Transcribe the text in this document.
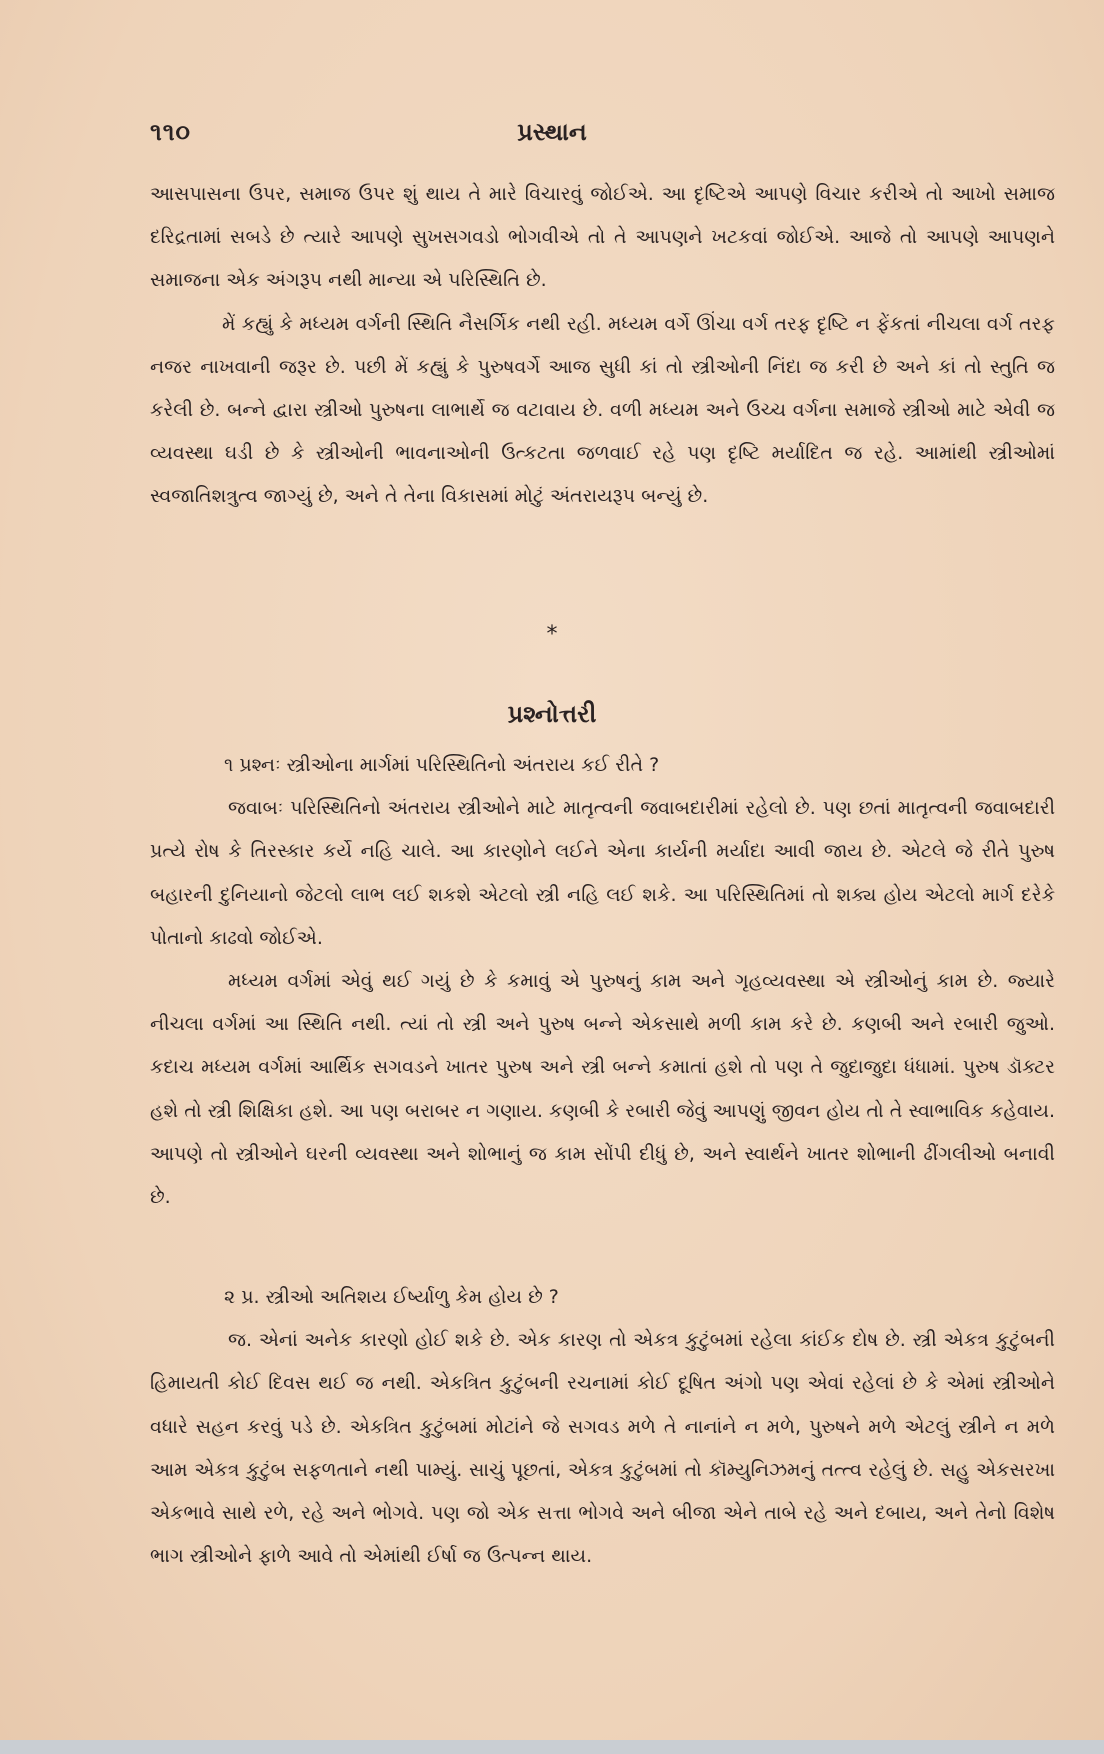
૧૧૦	પ્રસ્થાન

આસપાસના ઉપર, સમાજ ઉપર શું થાય તે મારે વિચારવું જોઈએ. આ દૃષ્ટિએ આપણે વિચાર કરીએ તો આખો સમાજ દરિદ્રતામાં સબડે છે ત્યારે આપણે સુખસગવડો ભોગવીએ તો તે આપણને ખટકવાં જોઈએ. આજે તો આપણે આપણને સમાજના એક અંગરૂપ નથી માન્યા એ પરિસ્થિતિ છે.

મેં કહ્યું કે મધ્યમ વર્ગની સ્થિતિ નૈસર્ગિક નથી રહી. મધ્યમ વર્ગે ઊંચા વર્ગ તરફ દૃષ્ટિ ન ફેંકતાં નીચલા વર્ગ તરફ નજર નાખવાની જરૂર છે. પછી મેં કહ્યું કે પુરુષવર્ગે આજ સુધી કાં તો સ્ત્રીઓની નિંદા જ કરી છે અને કાં તો સ્તુતિ જ કરેલી છે. બન્ને દ્વારા સ્ત્રીઓ પુરુષના લાભાર્થે જ વટાવાય છે. વળી મધ્યમ અને ઉચ્ચ વર્ગના સમાજે સ્ત્રીઓ માટે એવી જ વ્યવસ્થા ઘડી છે કે સ્ત્રીઓની ભાવનાઓની ઉત્કટતા જળવાઈ રહે પણ દૃષ્ટિ મર્યાદિત જ રહે. આમાંથી સ્ત્રીઓમાં સ્વજાતિશત્રુત્વ જાગ્યું છે, અને તે તેના વિકાસમાં મોટું અંતરાયરૂપ બન્યું છે.

*
પ્રશ્નોત્તરી

૧ પ્રશ્નઃ સ્ત્રીઓના માર્ગમાં પરિસ્થિતિનો અંતરાય કઈ રીતે ?

જવાબઃ પરિસ્થિતિનો અંતરાય સ્ત્રીઓને માટે માતૃત્વની જવાબદારીમાં રહેલો છે. પણ છતાં માતૃત્વની જવાબદારી પ્રત્યે રોષ કે તિરસ્કાર કર્યે નહિ ચાલે. આ કારણોને લઈને એના કાર્યની મર્યાદા આવી જાય છે. એટલે જે રીતે પુરુષ બહારની દુનિયાનો જેટલો લાભ લઈ શકશે એટલો સ્ત્રી નહિ લઈ શકે. આ પરિસ્થિતિમાં તો શક્ય હોય એટલો માર્ગ દરેકે પોતાનો કાઢવો જોઈએ.

મધ્યમ વર્ગમાં એવું થઈ ગયું છે કે કમાવું એ પુરુષનું કામ અને ગૃહવ્યવસ્થા એ સ્ત્રીઓનું કામ છે. જ્યારે નીચલા વર્ગમાં આ સ્થિતિ નથી. ત્યાં તો સ્ત્રી અને પુરુષ બન્ને એકસાથે મળી કામ કરે છે. કણબી અને રબારી જુઓ. કદાચ મધ્યમ વર્ગમાં આર્થિક સગવડને ખાતર પુરુષ અને સ્ત્રી બન્ને કમાતાં હશે તો પણ તે જુદાજુદા ધંધામાં. પુરુષ ડૉક્ટર હશે તો સ્ત્રી શિક્ષિકા હશે. આ પણ બરાબર ન ગણાય. કણબી કે રબારી જેવું આપણું જીવન હોય તો તે સ્વાભાવિક કહેવાય. આપણે તો સ્ત્રીઓને ઘરની વ્યવસ્થા અને શોભાનું જ કામ સોંપી દીધું છે, અને સ્વાર્થને ખાતર શોભાની ઢીંગલીઓ બનાવી છે.

૨ પ્ર. સ્ત્રીઓ અતિશય ઈર્ષ્યાળુ કેમ હોય છે ?

જ. એનાં અનેક કારણો હોઈ શકે છે. એક કારણ તો એકત્ર કુટુંબમાં રહેલા કાંઈક દોષ છે. સ્ત્રી એકત્ર કુટુંબની હિમાયતી કોઈ દિવસ થઈ જ નથી. એકત્રિત કુટુંબની રચનામાં કોઈ દૂષિત અંગો પણ એવાં રહેલાં છે કે એમાં સ્ત્રીઓને વધારે સહન કરવું પડે છે. એકત્રિત કુટુંબમાં મોટાંને જે સગવડ મળે તે નાનાંને ન મળે, પુરુષને મળે એટલું સ્ત્રીને ન મળે આમ એકત્ર કુટુંબ સફળતાને નથી પામ્યું. સાચું પૂછતાં, એકત્ર કુટુંબમાં તો કૉમ્યુનિઝમનું તત્ત્વ રહેલું છે. સહુ એકસરખા એકભાવે સાથે રળે, રહે અને ભોગવે. પણ જો એક સત્તા ભોગવે અને બીજા એને તાબે રહે અને દબાય, અને તેનો વિશેષ ભાગ સ્ત્રીઓને ફાળે આવે તો એમાંથી ઈર્ષા જ ઉત્પન્ન થાય.
